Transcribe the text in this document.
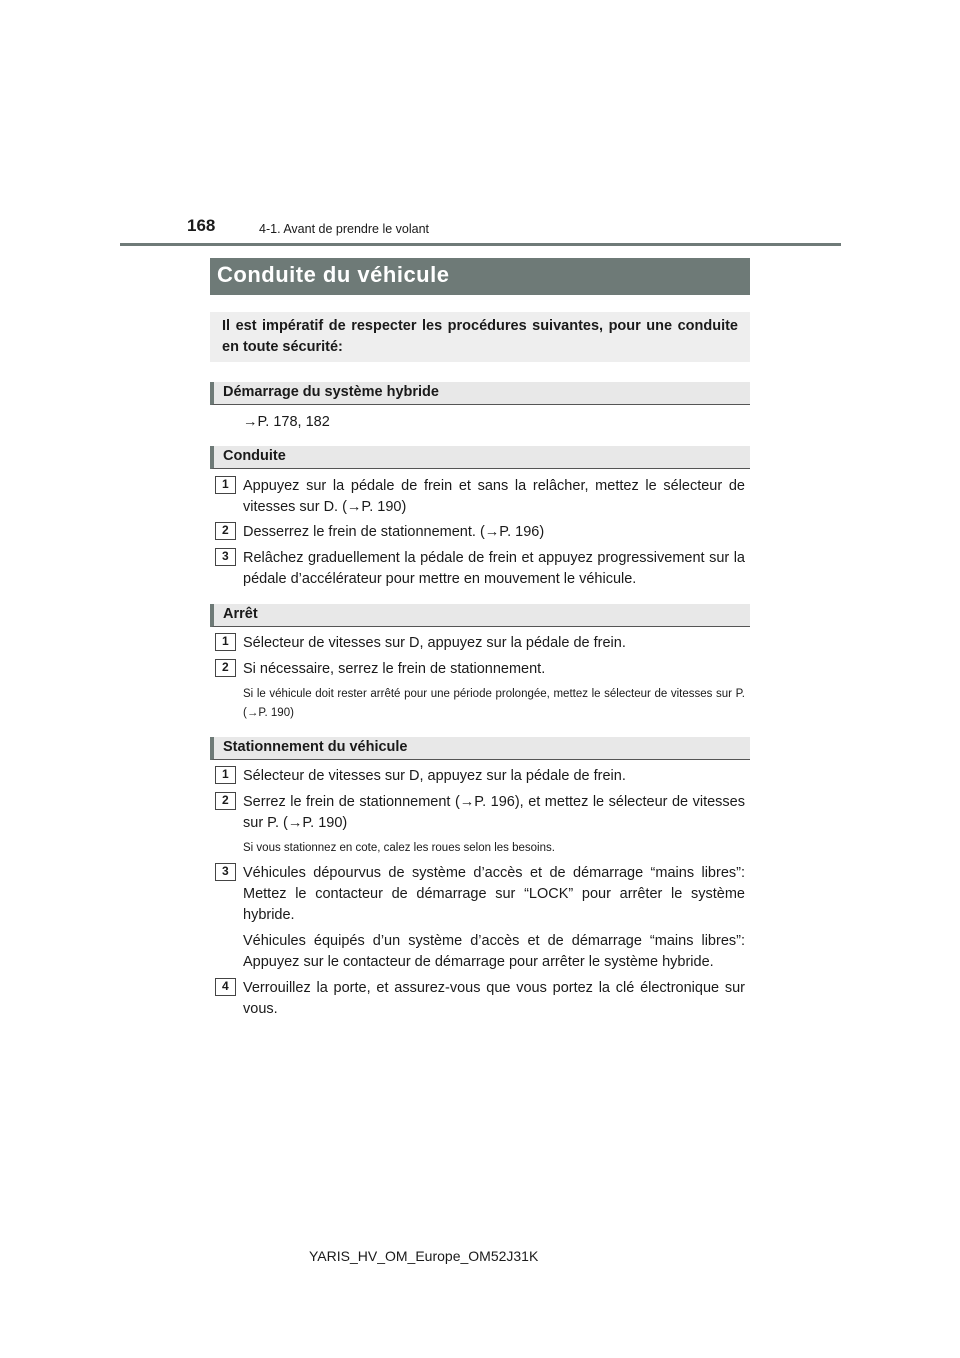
168	4-1. Avant de prendre le volant
Conduite du véhicule
Il est impératif de respecter les procédures suivantes, pour une conduite en toute sécurité:
Démarrage du système hybride
→P. 178, 182
Conduite
1 Appuyez sur la pédale de frein et sans la relâcher, mettez le sélecteur de vitesses sur D. (→P. 190)
2 Desserrez le frein de stationnement. (→P. 196)
3 Relâchez graduellement la pédale de frein et appuyez progressivement sur la pédale d’accélérateur pour mettre en mouvement le véhicule.
Arrêt
1 Sélecteur de vitesses sur D, appuyez sur la pédale de frein.
2 Si nécessaire, serrez le frein de stationnement.
Si le véhicule doit rester arrêté pour une période prolongée, mettez le sélecteur de vitesses sur P. (→P. 190)
Stationnement du véhicule
1 Sélecteur de vitesses sur D, appuyez sur la pédale de frein.
2 Serrez le frein de stationnement (→P. 196), et mettez le sélecteur de vitesses sur P. (→P. 190)
Si vous stationnez en cote, calez les roues selon les besoins.
3 Véhicules dépourvus de système d’accès et de démarrage “mains libres”: Mettez le contacteur de démarrage sur “LOCK” pour arrêter le système hybride.
Véhicules équipés d’un système d’accès et de démarrage “mains libres”: Appuyez sur le contacteur de démarrage pour arrêter le système hybride.
4 Verrouillez la porte, et assurez-vous que vous portez la clé électronique sur vous.
YARIS_HV_OM_Europe_OM52J31K
